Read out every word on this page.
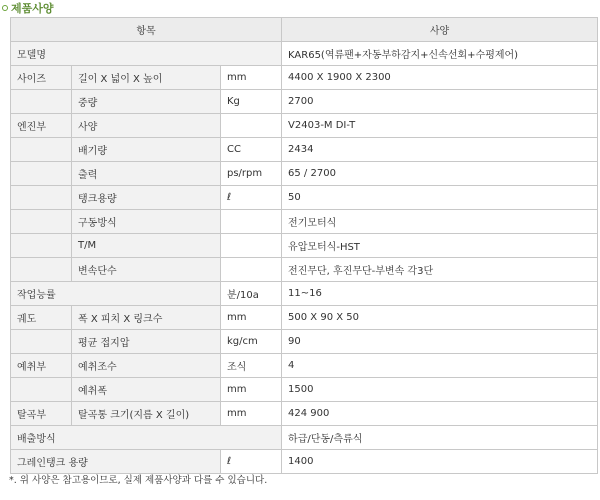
제품사양
항목			사양
모델명			KAR65(역류팬+자동부하감지+신속선회+수평제어)
사이즈	길이 X 넓이 X 높이	mm	4400 X 1900 X 2300
	중량	Kg	2700
엔진부	사양		V2403-M DI-T
	배기량	CC	2434
	출력	ps/rpm	65 / 2700
	탱크용량	ℓ	50
	구동방식		전기모터식
	T/M		유압모터식-HST
	변속단수		전진무단, 후진무단-부변속 각3단
작업능률		분/10a	11~16
궤도	폭 X 피치 X 링크수	mm	500 X 90 X 50
	평균 접지압	kg/cm	90
예취부	예취조수	조식	4
	예취폭	mm	1500
탈곡부	탈곡통 크기(지름 X 길이)	mm	424 900
배출방식			하급/단동/측류식
그레인탱크 용량		ℓ	1400
*. 위 사양은 참고용이므로, 실제 제품사양과 다를 수 있습니다.
